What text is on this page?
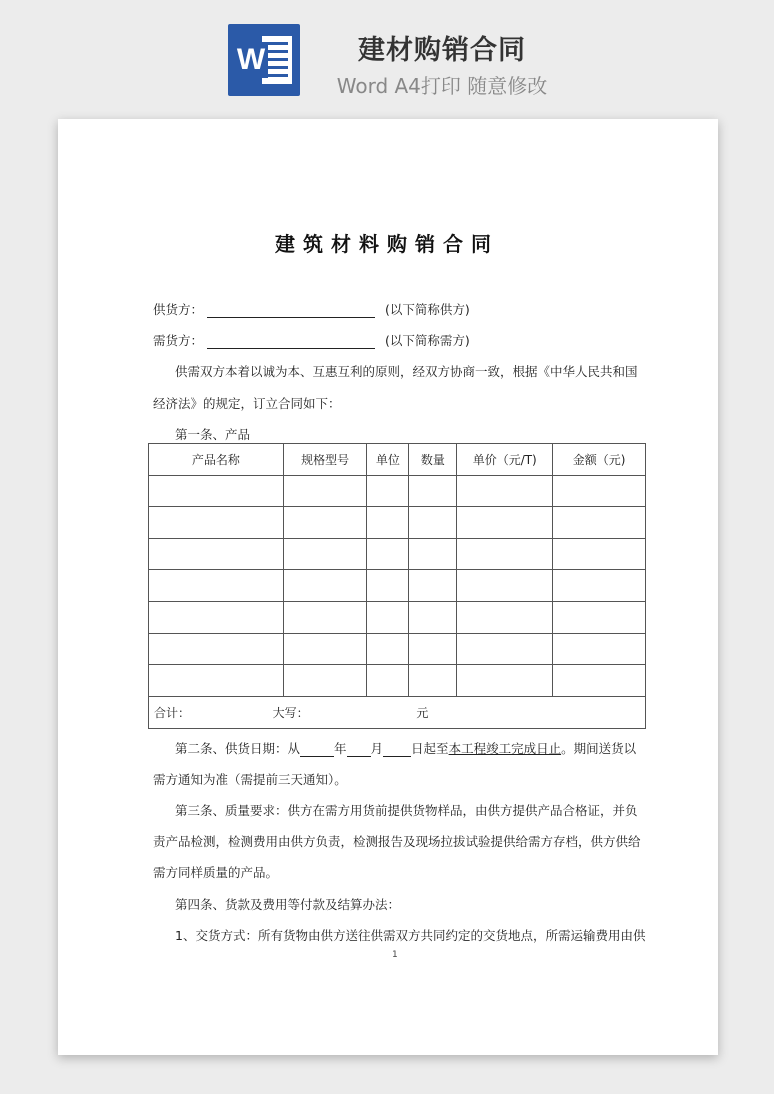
W	建材购销合同
Word A4打印 随意修改
建筑材料购销合同
供货方：	(以下简称供方)
需货方：	(以下简称需方)
供需双方本着以诚为本、互惠互利的原则，经双方协商一致，根据《中华人民共和国
经济法》的规定，订立合同如下：
第一条、产品
产品名称	规格型号	单位	数量	单价（元/T)	金额（元)

合计： 大写： 元					
第二条、供货日期：从	年 月 日起至本工程竣工完成日止。期间送货以
需方通知为准（需提前三天通知）。
第三条、质量要求：供方在需方用货前提供货物样品，由供方提供产品合格证，并负
责产品检测，检测费用由供方负责，检测报告及现场拉拔试验提供给需方存档，供方供给
需方同样质量的产品。
第四条、货款及费用等付款及结算办法：
1、交货方式：所有货物由供方送往供需双方共同约定的交货地点，所需运输费用由供
1
